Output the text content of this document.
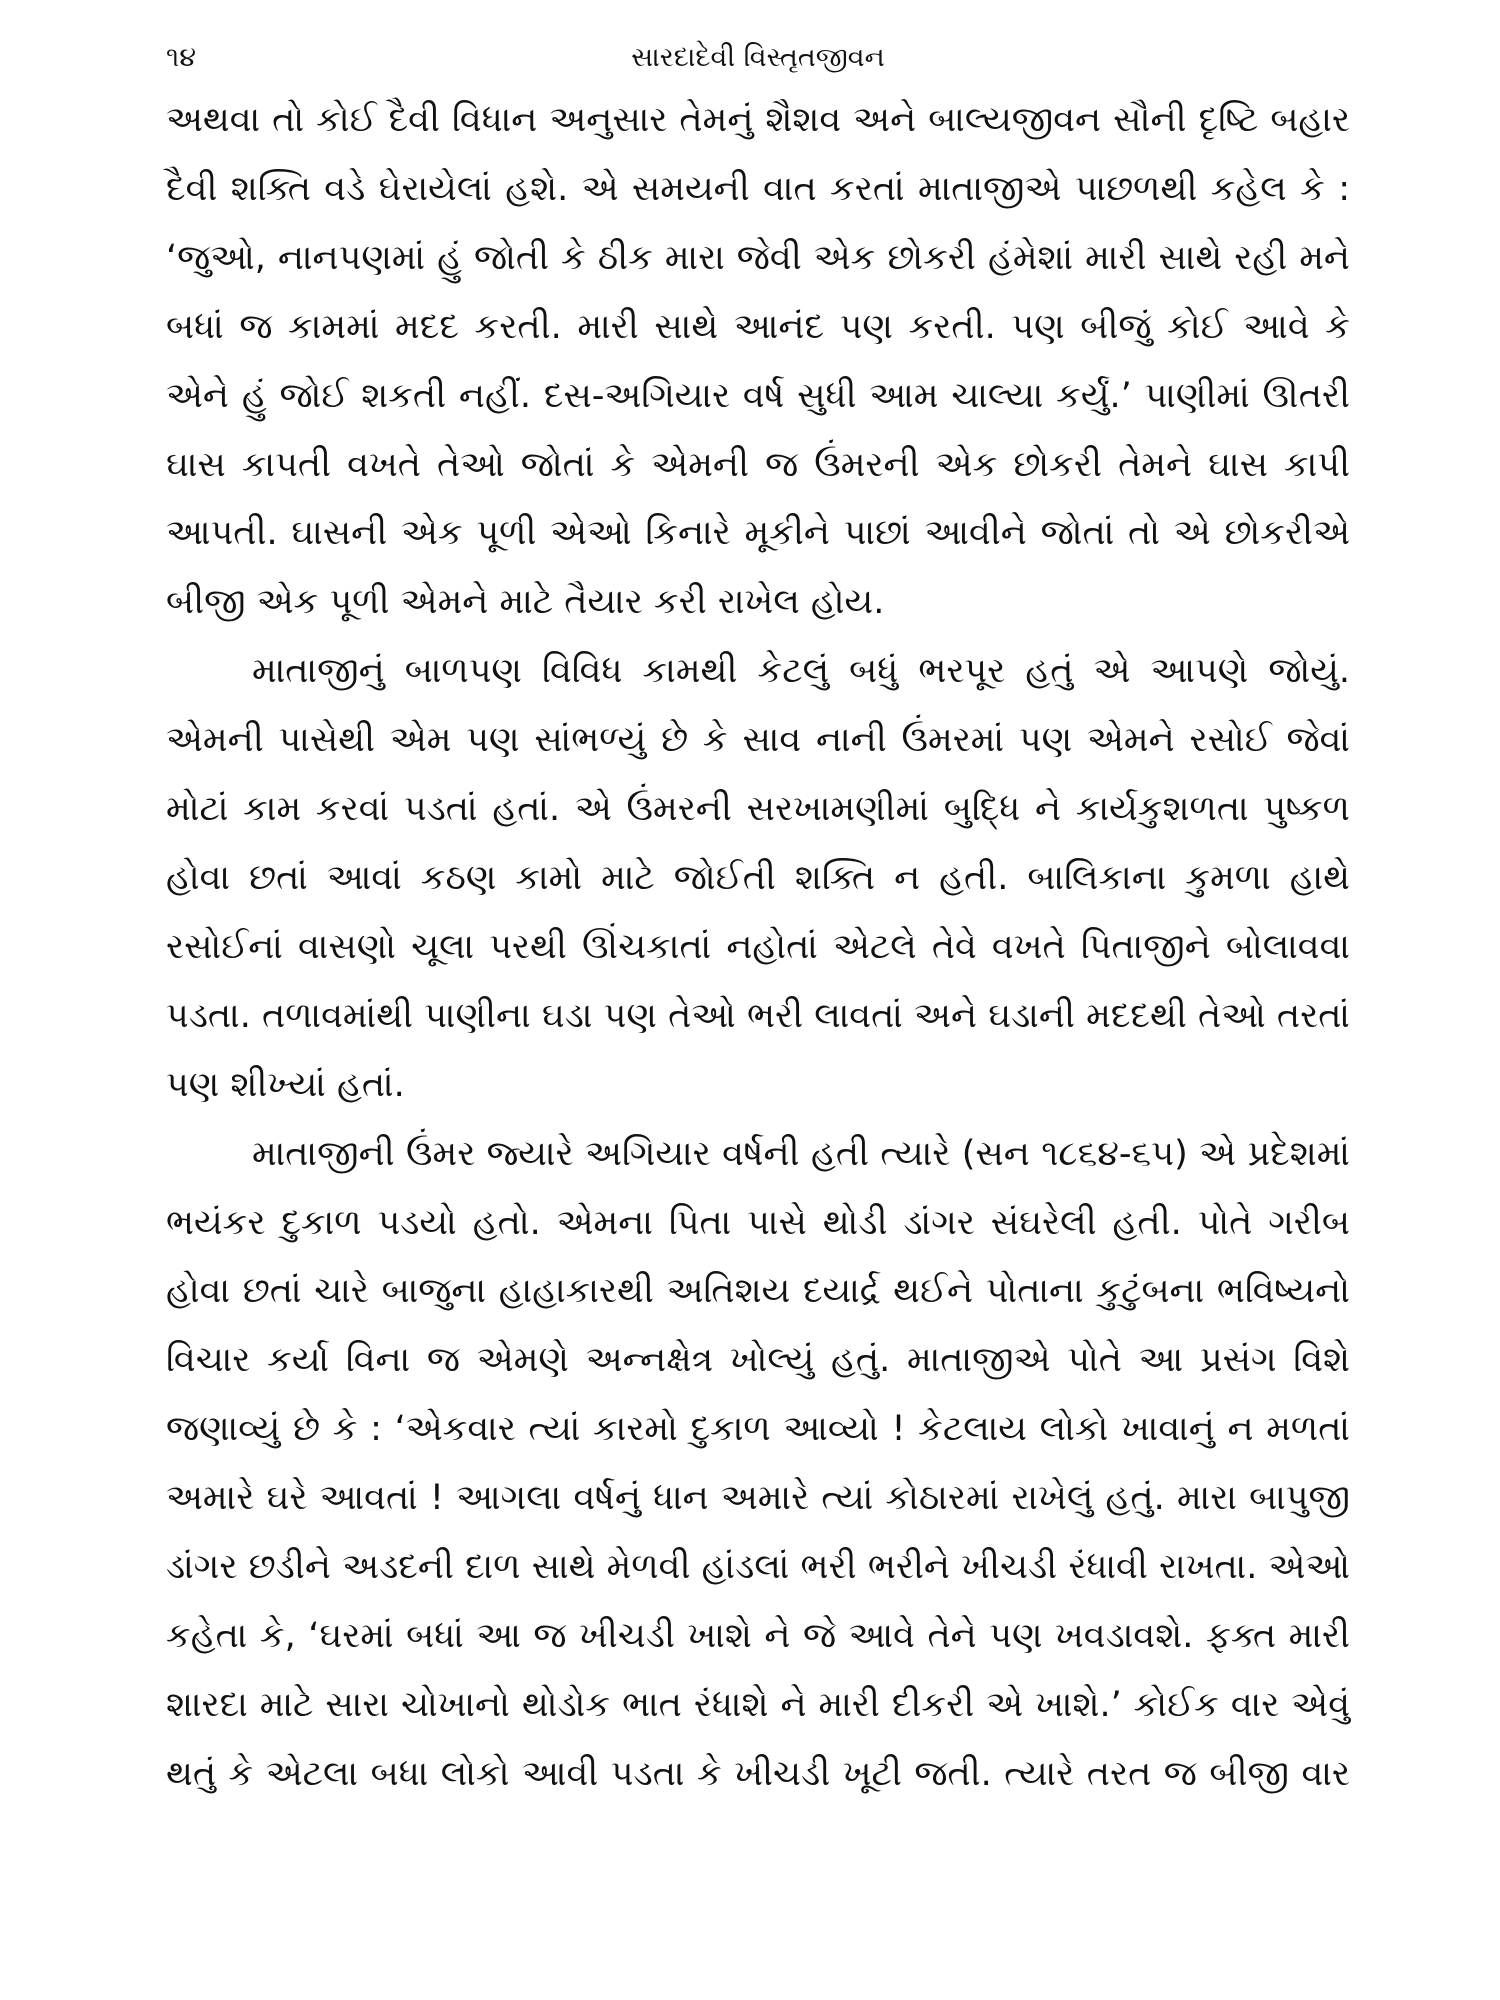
૧૪	સારદાદેવી વિસ્તૃતજીવન

અથવા તો કોઈ દૈવી વિધાન અનુસાર તેમનું શૈશવ અને બાલ્યજીવન સૌની દૃષ્ટિ બહાર દૈવી શક્તિ વડે ઘેરાયેલાં હશે. એ સમયની વાત કરતાં માતાજીએ પાછળથી કહેલ કે : ‘જુઓ, નાનપણમાં હું જોતી કે ઠીક મારા જેવી એક છોકરી હંમેશાં મારી સાથે રહી મને બધાં જ કામમાં મદદ કરતી. મારી સાથે આનંદ પણ કરતી. પણ બીજું કોઈ આવે કે એને હું જોઈ શકતી નહીં. દસ-અગિયાર વર્ષ સુધી આમ ચાલ્યા કર્યું.’ પાણીમાં ઊતરી ઘાસ કાપતી વખતે તેઓ જોતાં કે એમની જ ઉંમરની એક છોકરી તેમને ઘાસ કાપી આપતી. ઘાસની એક પૂળી એઓ કિનારે મૂકીને પાછાં આવીને જોતાં તો એ છોકરીએ બીજી એક પૂળી એમને માટે તૈયાર કરી રાખેલ હોય.

માતાજીનું બાળપણ વિવિધ કામથી કેટલું બધું ભરપૂર હતું એ આપણે જોયું. એમની પાસેથી એમ પણ સાંભળ્યું છે કે સાવ નાની ઉંમરમાં પણ એમને રસોઈ જેવાં મોટાં કામ કરવાં પડતાં હતાં. એ ઉંમરની સરખામણીમાં બુદ્ધિ ને કાર્યકુશળતા પુષ્કળ હોવા છતાં આવાં કઠણ કામો માટે જોઈતી શક્તિ ન હતી. બાલિકાના કુમળા હાથે રસોઈનાં વાસણો ચૂલા પરથી ઊંચકાતાં નહોતાં એટલે તેવે વખતે પિતાજીને બોલાવવા પડતા. તળાવમાંથી પાણીના ઘડા પણ તેઓ ભરી લાવતાં અને ઘડાની મદદથી તેઓ તરતાં પણ શીખ્યાં હતાં.

માતાજીની ઉંમર જ્યારે અગિયાર વર્ષની હતી ત્યારે (સન ૧૮૬૪-૬૫) એ પ્રદેશમાં ભયંકર દુકાળ પડયો હતો. એમના પિતા પાસે થોડી ડાંગર સંઘરેલી હતી. પોતે ગરીબ હોવા છતાં ચારે બાજુના હાહાકારથી અતિશય દયાર્દ્ર થઈને પોતાના કુટુંબના ભવિષ્યનો વિચાર કર્યા વિના જ એમણે અન્નક્ષેત્ર ખોલ્યું હતું. માતાજીએ પોતે આ પ્રસંગ વિશે જણાવ્યું છે કે : ‘એકવાર ત્યાં કારમો દુકાળ આવ્યો ! કેટલાય લોકો ખાવાનું ન મળતાં અમારે ઘરે આવતાં ! આગલા વર્ષનું ધાન અમારે ત્યાં કોઠારમાં રાખેલું હતું. મારા બાપુજી ડાંગર છડીને અડદની દાળ સાથે મેળવી હાંડલાં ભરી ભરીને ખીચડી રંધાવી રાખતા. એઓ કહેતા કે, ‘ઘરમાં બધાં આ જ ખીચડી ખાશે ને જે આવે તેને પણ ખવડાવશે. ફક્ત મારી શારદા માટે સારા ચોખાનો થોડોક ભાત રંધાશે ને મારી દીકરી એ ખાશે.’ કોઈક વાર એવું થતું કે એટલા બધા લોકો આવી પડતા કે ખીચડી ખૂટી જતી. ત્યારે તરત જ બીજી વાર
